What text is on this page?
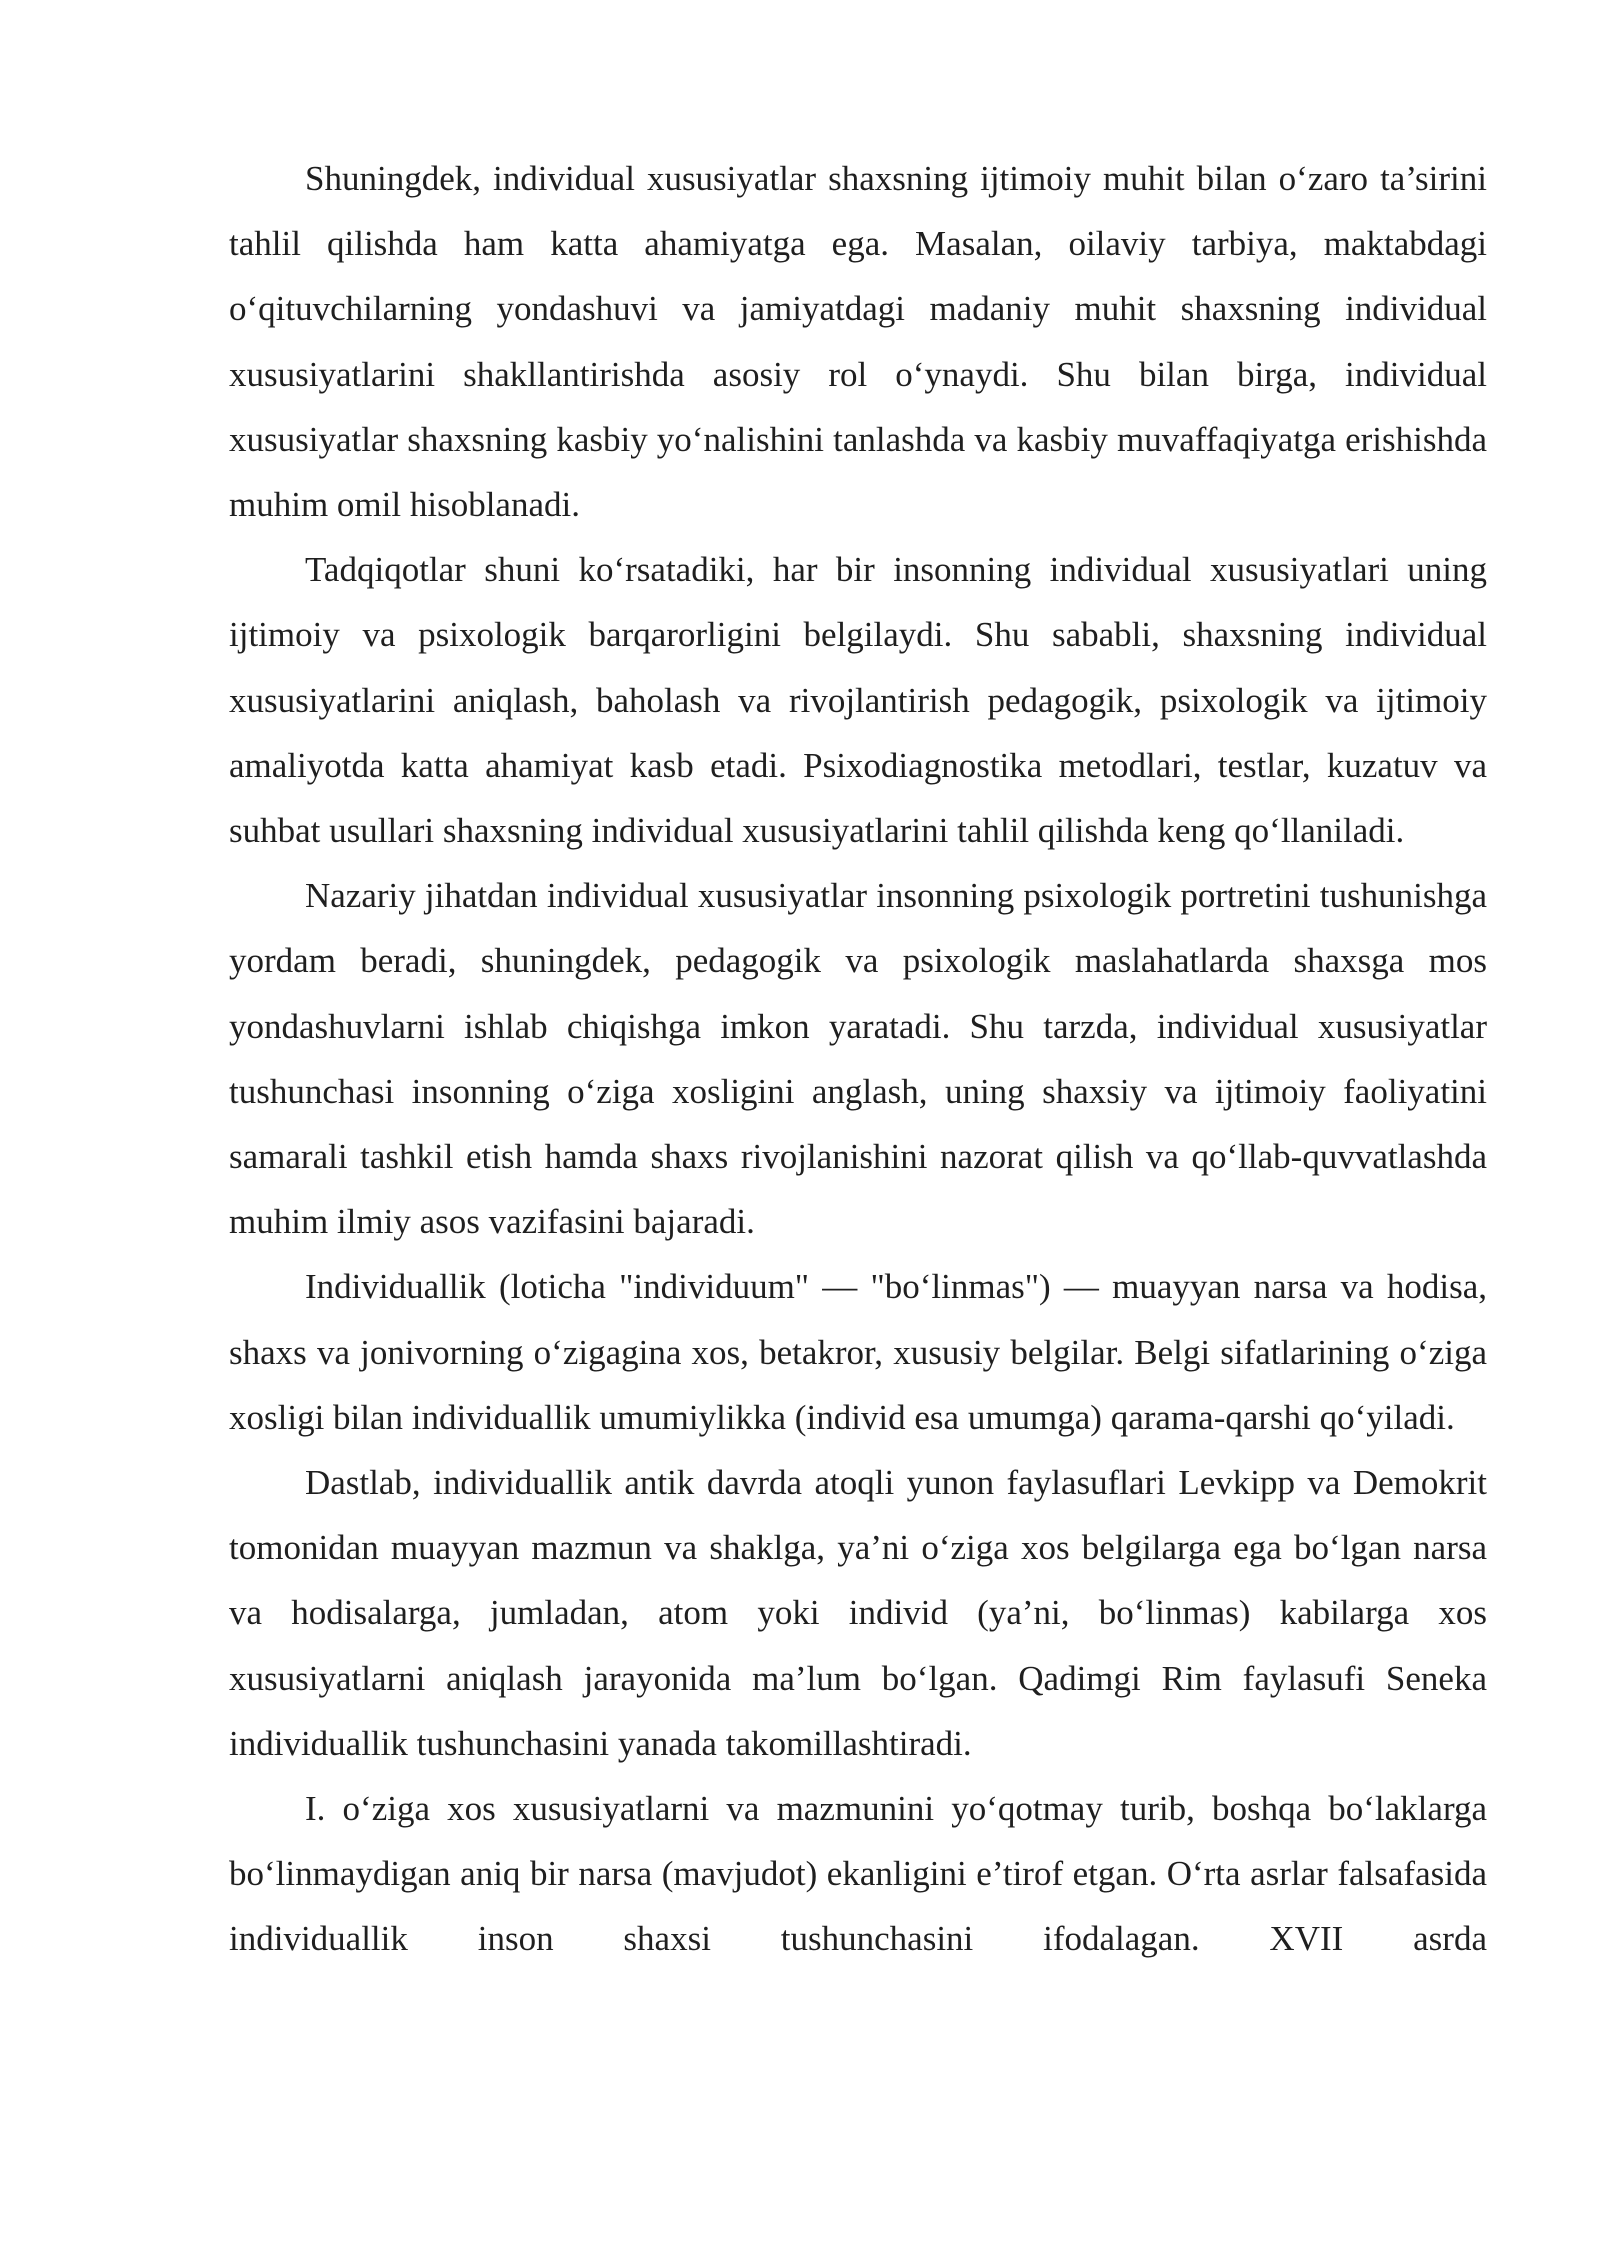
Shuningdek, individual xususiyatlar shaxsning ijtimoiy muhit bilan o‘zaro ta’sirini tahlil qilishda ham katta ahamiyatga ega. Masalan, oilaviy tarbiya, maktabdagi o‘qituvchilarning yondashuvi va jamiyatdagi madaniy muhit shaxsning individual xususiyatlarini shakllantirishda asosiy rol o‘ynaydi. Shu bilan birga, individual xususiyatlar shaxsning kasbiy yo‘nalishini tanlashda va kasbiy muvaffaqiyatga erishishda muhim omil hisoblanadi.

Tadqiqotlar shuni ko‘rsatadiki, har bir insonning individual xususiyatlari uning ijtimoiy va psixologik barqarorligini belgilaydi. Shu sababli, shaxsning individual xususiyatlarini aniqlash, baholash va rivojlantirish pedagogik, psixologik va ijtimoiy amaliyotda katta ahamiyat kasb etadi. Psixodiagnostika metodlari, testlar, kuzatuv va suhbat usullari shaxsning individual xususiyatlarini tahlil qilishda keng qo‘llaniladi.

Nazariy jihatdan individual xususiyatlar insonning psixologik portretini tushunishga yordam beradi, shuningdek, pedagogik va psixologik maslahatlarda shaxsga mos yondashuvlarni ishlab chiqishga imkon yaratadi. Shu tarzda, individual xususiyatlar tushunchasi insonning o‘ziga xosligini anglash, uning shaxsiy va ijtimoiy faoliyatini samarali tashkil etish hamda shaxs rivojlanishini nazorat qilish va qo‘llab-quvvatlashda muhim ilmiy asos vazifasini bajaradi.

Individuallik (loticha "individuum" — "bo‘linmas") — muayyan narsa va hodisa, shaxs va jonivorning o‘zigagina xos, betakror, xususiy belgilar. Belgi sifatlarining o‘ziga xosligi bilan individuallik umumiylikka (individ esa umumga) qarama-qarshi qo‘yiladi.

Dastlab, individuallik antik davrda atoqli yunon faylasuflari Levkipp va Demokrit tomonidan muayyan mazmun va shaklga, ya’ni o‘ziga xos belgilarga ega bo‘lgan narsa va hodisalarga, jumladan, atom yoki individ (ya’ni, bo‘linmas) kabilarga xos xususiyatlarni aniqlash jarayonida ma’lum bo‘lgan. Qadimgi Rim faylasufi Seneka individuallik tushunchasini yanada takomillashtiradi.

I. o‘ziga xos xususiyatlarni va mazmunini yo‘qotmay turib, boshqa bo‘laklarga bo‘linmaydigan aniq bir narsa (mavjudot) ekanligini e’tirof etgan. O‘rta asrlar falsafasida individuallik inson shaxsi tushunchasini ifodalagan. XVII asrda
